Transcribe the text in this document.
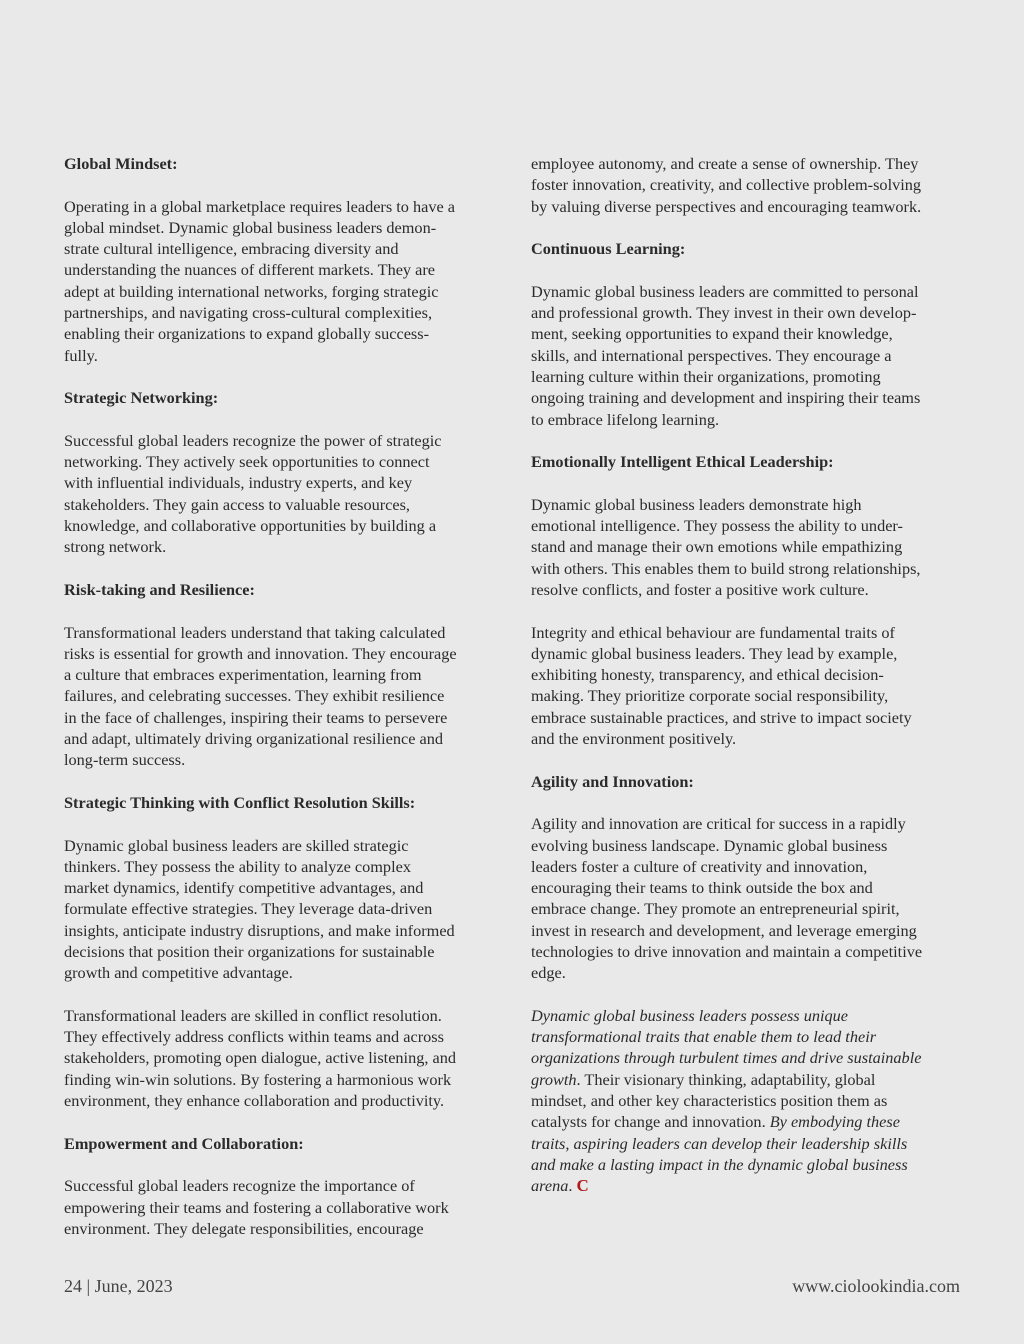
Global Mindset:

Operating in a global marketplace requires leaders to have a
global mindset. Dynamic global business leaders demon-
strate cultural intelligence, embracing diversity and
understanding the nuances of different markets. They are
adept at building international networks, forging strategic
partnerships, and navigating cross-cultural complexities,
enabling their organizations to expand globally success-
fully.

Strategic Networking:

Successful global leaders recognize the power of strategic
networking. They actively seek opportunities to connect
with influential individuals, industry experts, and key
stakeholders. They gain access to valuable resources,
knowledge, and collaborative opportunities by building a
strong network.

Risk-taking and Resilience:

Transformational leaders understand that taking calculated
risks is essential for growth and innovation. They encourage
a culture that embraces experimentation, learning from
failures, and celebrating successes. They exhibit resilience
in the face of challenges, inspiring their teams to persevere
and adapt, ultimately driving organizational resilience and
long-term success.

Strategic Thinking with Conflict Resolution Skills:

Dynamic global business leaders are skilled strategic
thinkers. They possess the ability to analyze complex
market dynamics, identify competitive advantages, and
formulate effective strategies. They leverage data-driven
insights, anticipate industry disruptions, and make informed
decisions that position their organizations for sustainable
growth and competitive advantage.

Transformational leaders are skilled in conflict resolution.
They effectively address conflicts within teams and across
stakeholders, promoting open dialogue, active listening, and
finding win-win solutions. By fostering a harmonious work
environment, they enhance collaboration and productivity.

Empowerment and Collaboration:

Successful global leaders recognize the importance of
empowering their teams and fostering a collaborative work
environment. They delegate responsibilities, encourage

employee autonomy, and create a sense of ownership. They
foster innovation, creativity, and collective problem-solving
by valuing diverse perspectives and encouraging teamwork.

Continuous Learning:

Dynamic global business leaders are committed to personal
and professional growth. They invest in their own develop-
ment, seeking opportunities to expand their knowledge,
skills, and international perspectives. They encourage a
learning culture within their organizations, promoting
ongoing training and development and inspiring their teams
to embrace lifelong learning.

Emotionally Intelligent Ethical Leadership:

Dynamic global business leaders demonstrate high
emotional intelligence. They possess the ability to under-
stand and manage their own emotions while empathizing
with others. This enables them to build strong relationships,
resolve conflicts, and foster a positive work culture.

Integrity and ethical behaviour are fundamental traits of
dynamic global business leaders. They lead by example,
exhibiting honesty, transparency, and ethical decision-
making. They prioritize corporate social responsibility,
embrace sustainable practices, and strive to impact society
and the environment positively.

Agility and Innovation:

Agility and innovation are critical for success in a rapidly
evolving business landscape. Dynamic global business
leaders foster a culture of creativity and innovation,
encouraging their teams to think outside the box and
embrace change. They promote an entrepreneurial spirit,
invest in research and development, and leverage emerging
technologies to drive innovation and maintain a competitive
edge.

Dynamic global business leaders possess unique
transformational traits that enable them to lead their
organizations through turbulent times and drive sustainable
growth. Their visionary thinking, adaptability, global
mindset, and other key characteristics position them as
catalysts for change and innovation. By embodying these
traits, aspiring leaders can develop their leadership skills
and make a lasting impact in the dynamic global business
arena. C

24 | June, 2023	www.ciolookindia.com
